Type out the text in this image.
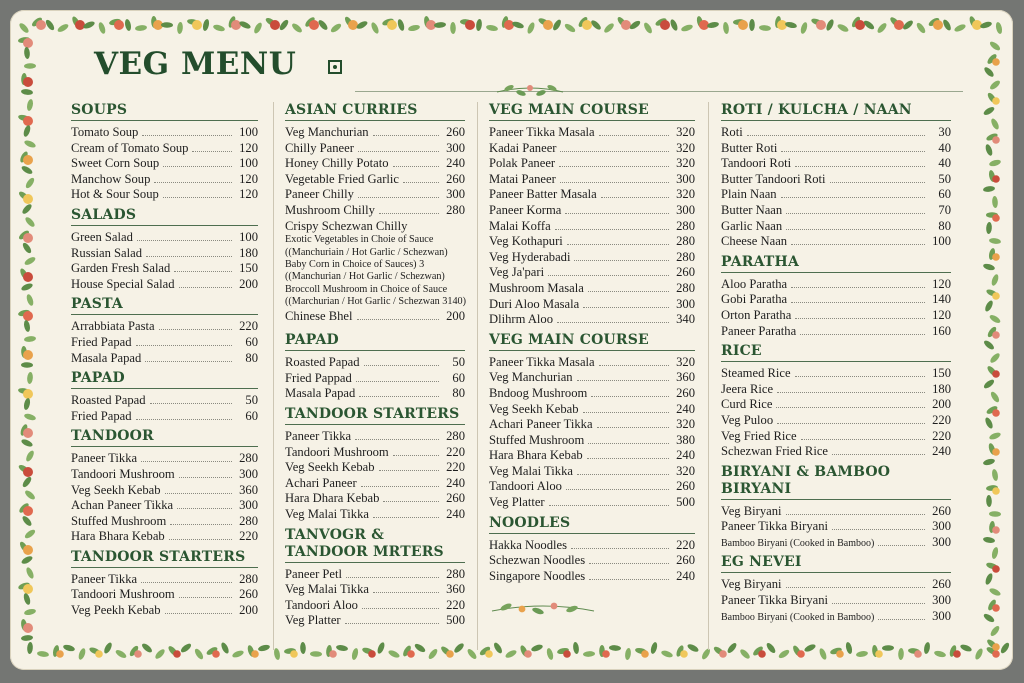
VEG MENU
SOUPS
Tomato Soup	100
Cream of Tomato Soup	120
Sweet Corn Soup	100
Manchow Soup	120
Hot & Sour Soup	120
SALADS
Green Salad	100
Russian Salad	180
Garden Fresh Salad	150
House Special Salad	200
PASTA
Arrabbiata Pasta	220
Fried Papad	60
Masala Papad	80
PAPAD
Roasted Papad	50
Fried Papad	60
TANDOOR
Paneer Tikka	280
Tandoori Mushroom	300
Veg Seekh Kebab	360
Achan Paneer Tikka	300
Stuffed Mushroom	280
Hara Bhara Kebab	220
TANDOOR STARTERS
Paneer Tikka	280
Tandoori Mushroom	260
Veg Peekh Kebab	200
ASIAN CURRIES
Veg Manchurian	260
Chilly Paneer	300
Honey Chilly Potato	240
Vegetable Fried Garlic	260
Paneer Chilly	300
Mushroom Chilly	280
Crispy Schezwan Chilly
Exotic Vegetables in Choie of Sauce
((Manchuriain / Hot Garlic / Schezwan)
Baby Corn in Choice of Sauces) 3
((Manchurian / Hot Garlic / Schezwan)
Broccoll Mushroom in Choice of Sauce
((Marchurian / Hot Garlic / Schezwan 3140)
Chinese Bhel	200
PAPAD
Roasted Papad	50
Fried Pappad	60
Masala Papad	80
TANDOOR STARTERS
Paneer Tikka	280
Tandoori Mushroom	220
Veg Seekh Kebab	220
Achari Paneer	240
Hara Dhara Kebab	260
Veg Malai Tikka	240
TANVOGR & TANDOOR MRTERS
Paneer Petl	280
Veg Malai Tikka	360
Tandoori Aloo	220
Veg Platter	500
VEG MAIN COURSE
Paneer Tikka Masala	320
Kadai Paneer	320
Polak Paneer	320
Matai Paneer	300
Paneer Batter Masala	320
Paneer Korma	300
Malai Koffa	280
Veg Kothapuri	280
Veg Hyderabadi	280
Veg Ja'pari	260
Mushroom Masala	280
Duri Aloo Masala	300
Dlihrm Aloo	340
VEG MAIN COURSE
Paneer Tikka Masala	320
Veg Manchurian	360
Bndoog Mushroom	260
Veg Seekh Kebab	240
Achari Paneer Tikka	320
Stuffed Mushroom	380
Hara Bhara Kebab	240
Veg Malai Tikka	320
Tandoori Aloo	260
Veg Platter	500
NOODLES
Hakka Noodles	220
Schezwan Noodles	260
Singapore Noodles	240
ROTI / KULCHA / NAAN
Roti	30
Butter Roti	40
Tandoori Roti	40
Butter Tandoori Roti	50
Plain Naan	60
Butter Naan	70
Garlic Naan	80
Cheese Naan	100
PARATHA
Aloo Paratha	120
Gobi Paratha	140
Orton Paratha	120
Paneer Paratha	160
RICE
Steamed Rice	150
Jeera Rice	180
Curd Rice	200
Veg Puloo	220
Veg Fried Rice	220
Schezwan Fried Rice	240
BIRYANI & BAMBOO BIRYANI
Veg Biryani	260
Paneer Tikka Biryani	300
Bamboo Biryani (Cooked in Bamboo)	300
EG NEVEI
Veg Biryani	260
Paneer Tikka Biryani	300
Bamboo Biryani (Cooked in Bamboo)	300
